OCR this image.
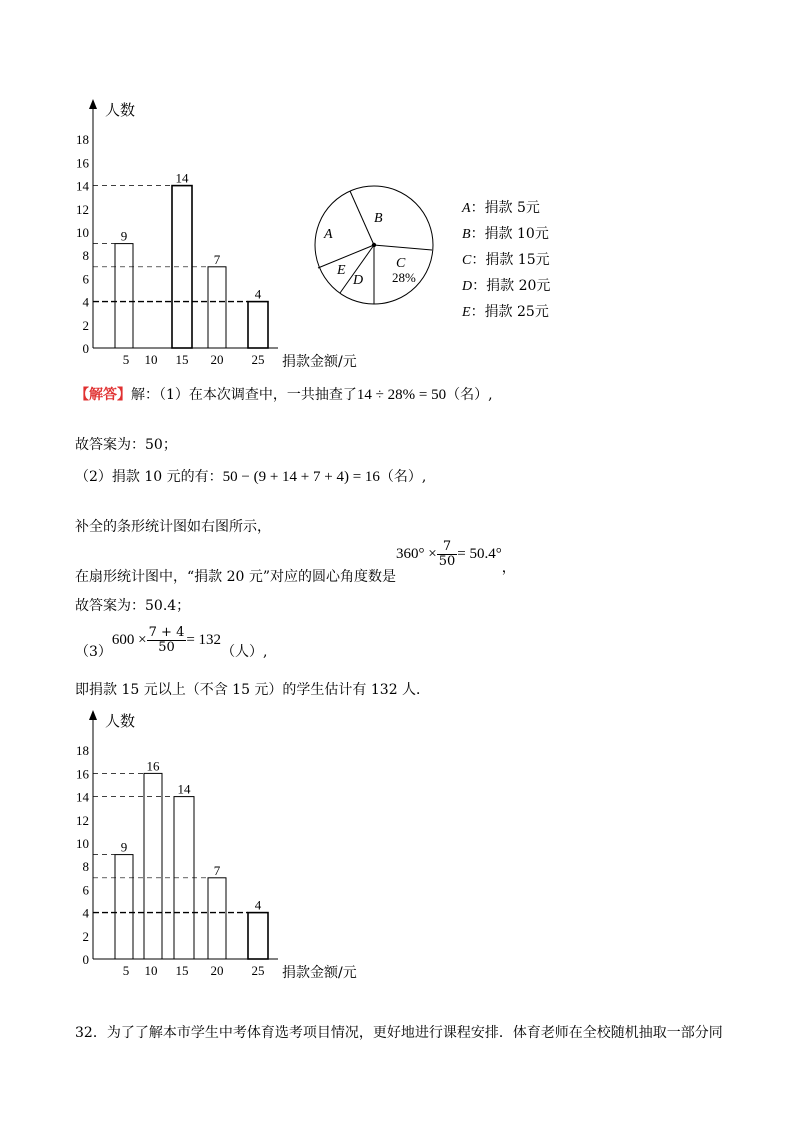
人数
0
2
4
6
8
10
12
14
16
18
5 10 15 20 25 捐款金额/元
9
14
7
4
A
B
C
28%
D
E
A：捐款 5元
B：捐款 10元
C：捐款 15元
D：捐款 20元
E：捐款 25元
【解答】解：（1）在本次调查中，一共抽查了14 ÷ 28% = 50（名）,
故答案为：50；
（2）捐款 10 元的有：50 − (9 + 14 + 7 + 4) = 16（名）,
补全的条形统计图如右图所示，
在扇形统计图中，“捐款 20 元”对应的圆心角度数是$360^\circ \times \frac{7}{50} = 50.4^\circ$，
故答案为：50.4；
$(3)600 \times \frac{7 + 4}{50} = 132$（人）,
即捐款 15 元以上（不含 15 元）的学生估计有 132 人．
人数
0
2
4
6
8
10
12
14
16
18
5 10 15 20 25 捐款金额/元
9
16
14
7
4
32．为了了解本市学生中考体育选考项目情况，更好地进行课程安排．体育老师在全校随机抽取一部分同
